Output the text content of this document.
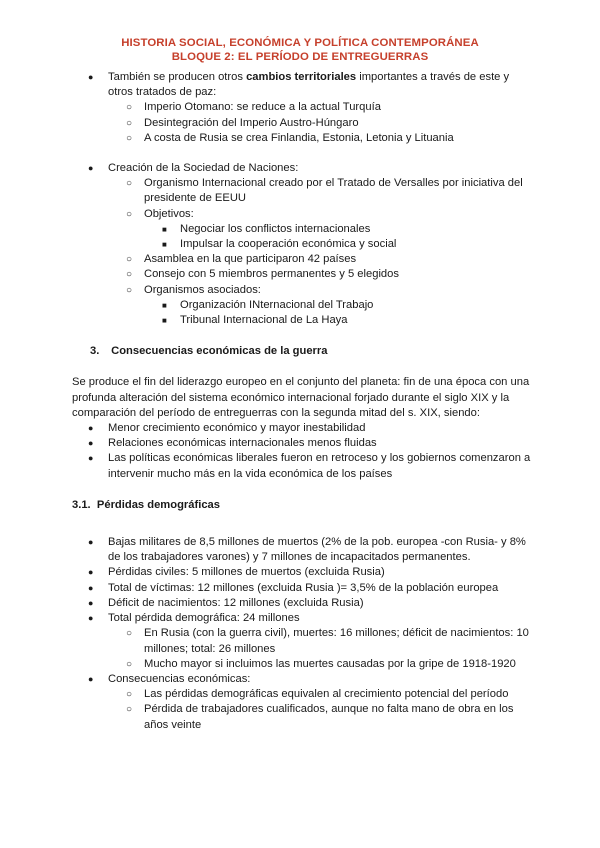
HISTORIA SOCIAL, ECONÓMICA Y POLÍTICA CONTEMPORÁNEA
BLOQUE 2: EL PERÍODO DE ENTREGUERRAS
● También se producen otros cambios territoriales importantes a través de este y otros tratados de paz:
○ Imperio Otomano: se reduce a la actual Turquía
○ Desintegración del Imperio Austro-Húngaro
○ A costa de Rusia se crea Finlandia, Estonia, Letonia y Lituania
● Creación de la Sociedad de Naciones:
○ Organismo Internacional creado por el Tratado de Versalles por iniciativa del presidente de EEUU
○ Objetivos:
■ Negociar los conflictos internacionales
■ Impulsar la cooperación económica y social
○ Asamblea en la que participaron 42 países
○ Consejo con 5 miembros permanentes y 5 elegidos
○ Organismos asociados:
■ Organización INternacional del Trabajo
■ Tribunal Internacional de La Haya
3. Consecuencias económicas de la guerra

Se produce el fin del liderazgo europeo en el conjunto del planeta: fin de una época con una profunda alteración del sistema económico internacional forjado durante el siglo XIX y la comparación del período de entreguerras con la segunda mitad del s. XIX, siendo:

● Menor crecimiento económico y mayor inestabilidad
● Relaciones económicas internacionales menos fluidas
● Las políticas económicas liberales fueron en retroceso y los gobiernos comenzaron a intervenir mucho más en la vida económica de los países
3.1. Pérdidas demográficas
● Bajas militares de 8,5 millones de muertos (2% de la pob. europea -con Rusia- y 8% de los trabajadores varones) y 7 millones de incapacitados permanentes.
● Pérdidas civiles: 5 millones de muertos (excluida Rusia)
● Total de víctimas: 12 millones (excluida Rusia )= 3,5% de la población europea
● Déficit de nacimientos: 12 millones (excluida Rusia)
● Total pérdida demográfica: 24 millones
○ En Rusia (con la guerra civil), muertes: 16 millones; déficit de nacimientos: 10 millones; total: 26 millones
○ Mucho mayor si incluimos las muertes causadas por la gripe de 1918-1920
● Consecuencias económicas:
○ Las pérdidas demográficas equivalen al crecimiento potencial del período
○ Pérdida de trabajadores cualificados, aunque no falta mano de obra en los años veinte
